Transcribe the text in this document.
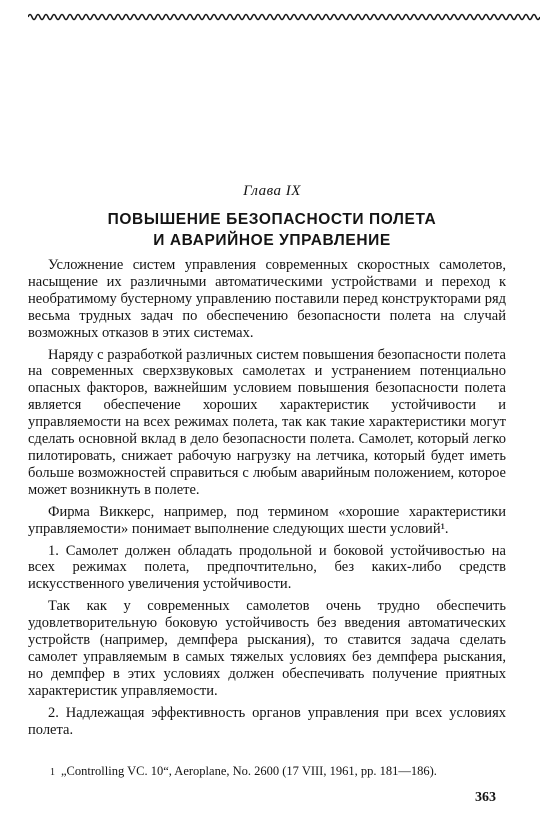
Глава IX
ПОВЫШЕНИЕ БЕЗОПАСНОСТИ ПОЛЕТА
И АВАРИЙНОЕ УПРАВЛЕНИЕ

Усложнение систем управления современных скоростных самолетов, насыщение их различными автоматическими устройствами и переход к необратимому бустерному управлению поставили перед конструкторами ряд весьма трудных задач по обеспечению безопасности полета на случай возможных отказов в этих системах.

Наряду с разработкой различных систем повышения безопасности полета на современных сверхзвуковых самолетах и устранением потенциально опасных факторов, важнейшим условием повышения безопасности полета является обеспечение хороших характеристик устойчивости и управляемости на всех режимах полета, так как такие характеристики могут сделать основной вклад в дело безопасности полета. Самолет, который легко пилотировать, снижает рабочую нагрузку на летчика, который будет иметь больше возможностей справиться с любым аварийным положением, которое может возникнуть в полете.

Фирма Виккерс, например, под термином «хорошие характеристики управляемости» понимает выполнение следующих шести условий¹.

1. Самолет должен обладать продольной и боковой устойчивостью на всех режимах полета, предпочтительно, без каких-либо средств искусственного увеличения устойчивости.

Так как у современных самолетов очень трудно обеспечить удовлетворительную боковую устойчивость без введения автоматических устройств (например, демпфера рыскания), то ставится задача сделать самолет управляемым в самых тяжелых условиях без демпфера рыскания, но демпфер в этих условиях должен обеспечивать получение приятных характеристик управляемости.

2. Надлежащая эффективность органов управления при всех условиях полета.

1 „Controlling VC. 10“, Aeroplane, No. 2600 (17 VIII, 1961, pp. 181—186).
363
